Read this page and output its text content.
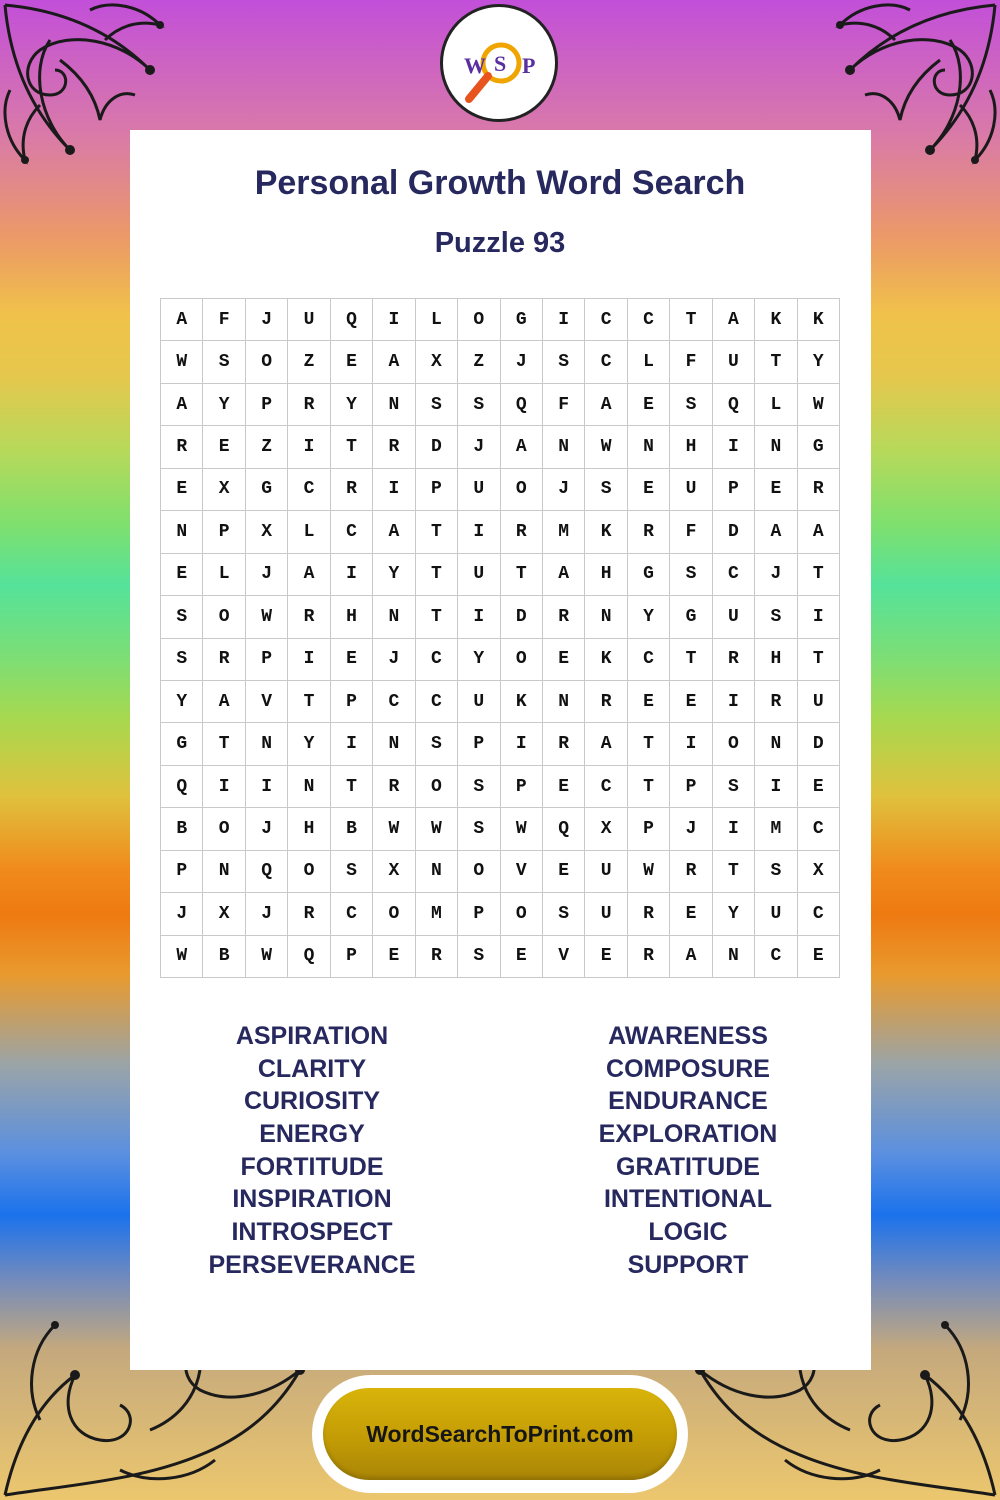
W S P
Personal Growth Word Search
Puzzle 93
A	F	J	U	Q	I	L	O	G	I	C	C	T	A	K	K
W	S	O	Z	E	A	X	Z	J	S	C	L	F	U	T	Y
A	Y	P	R	Y	N	S	S	Q	F	A	E	S	Q	L	W
R	E	Z	I	T	R	D	J	A	N	W	N	H	I	N	G
E	X	G	C	R	I	P	U	O	J	S	E	U	P	E	R
N	P	X	L	C	A	T	I	R	M	K	R	F	D	A	A
E	L	J	A	I	Y	T	U	T	A	H	G	S	C	J	T
S	O	W	R	H	N	T	I	D	R	N	Y	G	U	S	I
S	R	P	I	E	J	C	Y	O	E	K	C	T	R	H	T
Y	A	V	T	P	C	C	U	K	N	R	E	E	I	R	U
G	T	N	Y	I	N	S	P	I	R	A	T	I	O	N	D
Q	I	I	N	T	R	O	S	P	E	C	T	P	S	I	E
B	O	J	H	B	W	W	S	W	Q	X	P	J	I	M	C
P	N	Q	O	S	X	N	O	V	E	U	W	R	T	S	X
J	X	J	R	C	O	M	P	O	S	U	R	E	Y	U	C
W	B	W	Q	P	E	R	S	E	V	E	R	A	N	C	E
ASPIRATION
CLARITY
CURIOSITY
ENERGY
FORTITUDE
INSPIRATION
INTROSPECT
PERSEVERANCE
AWARENESS
COMPOSURE
ENDURANCE
EXPLORATION
GRATITUDE
INTENTIONAL
LOGIC
SUPPORT
WordSearchToPrint.com
